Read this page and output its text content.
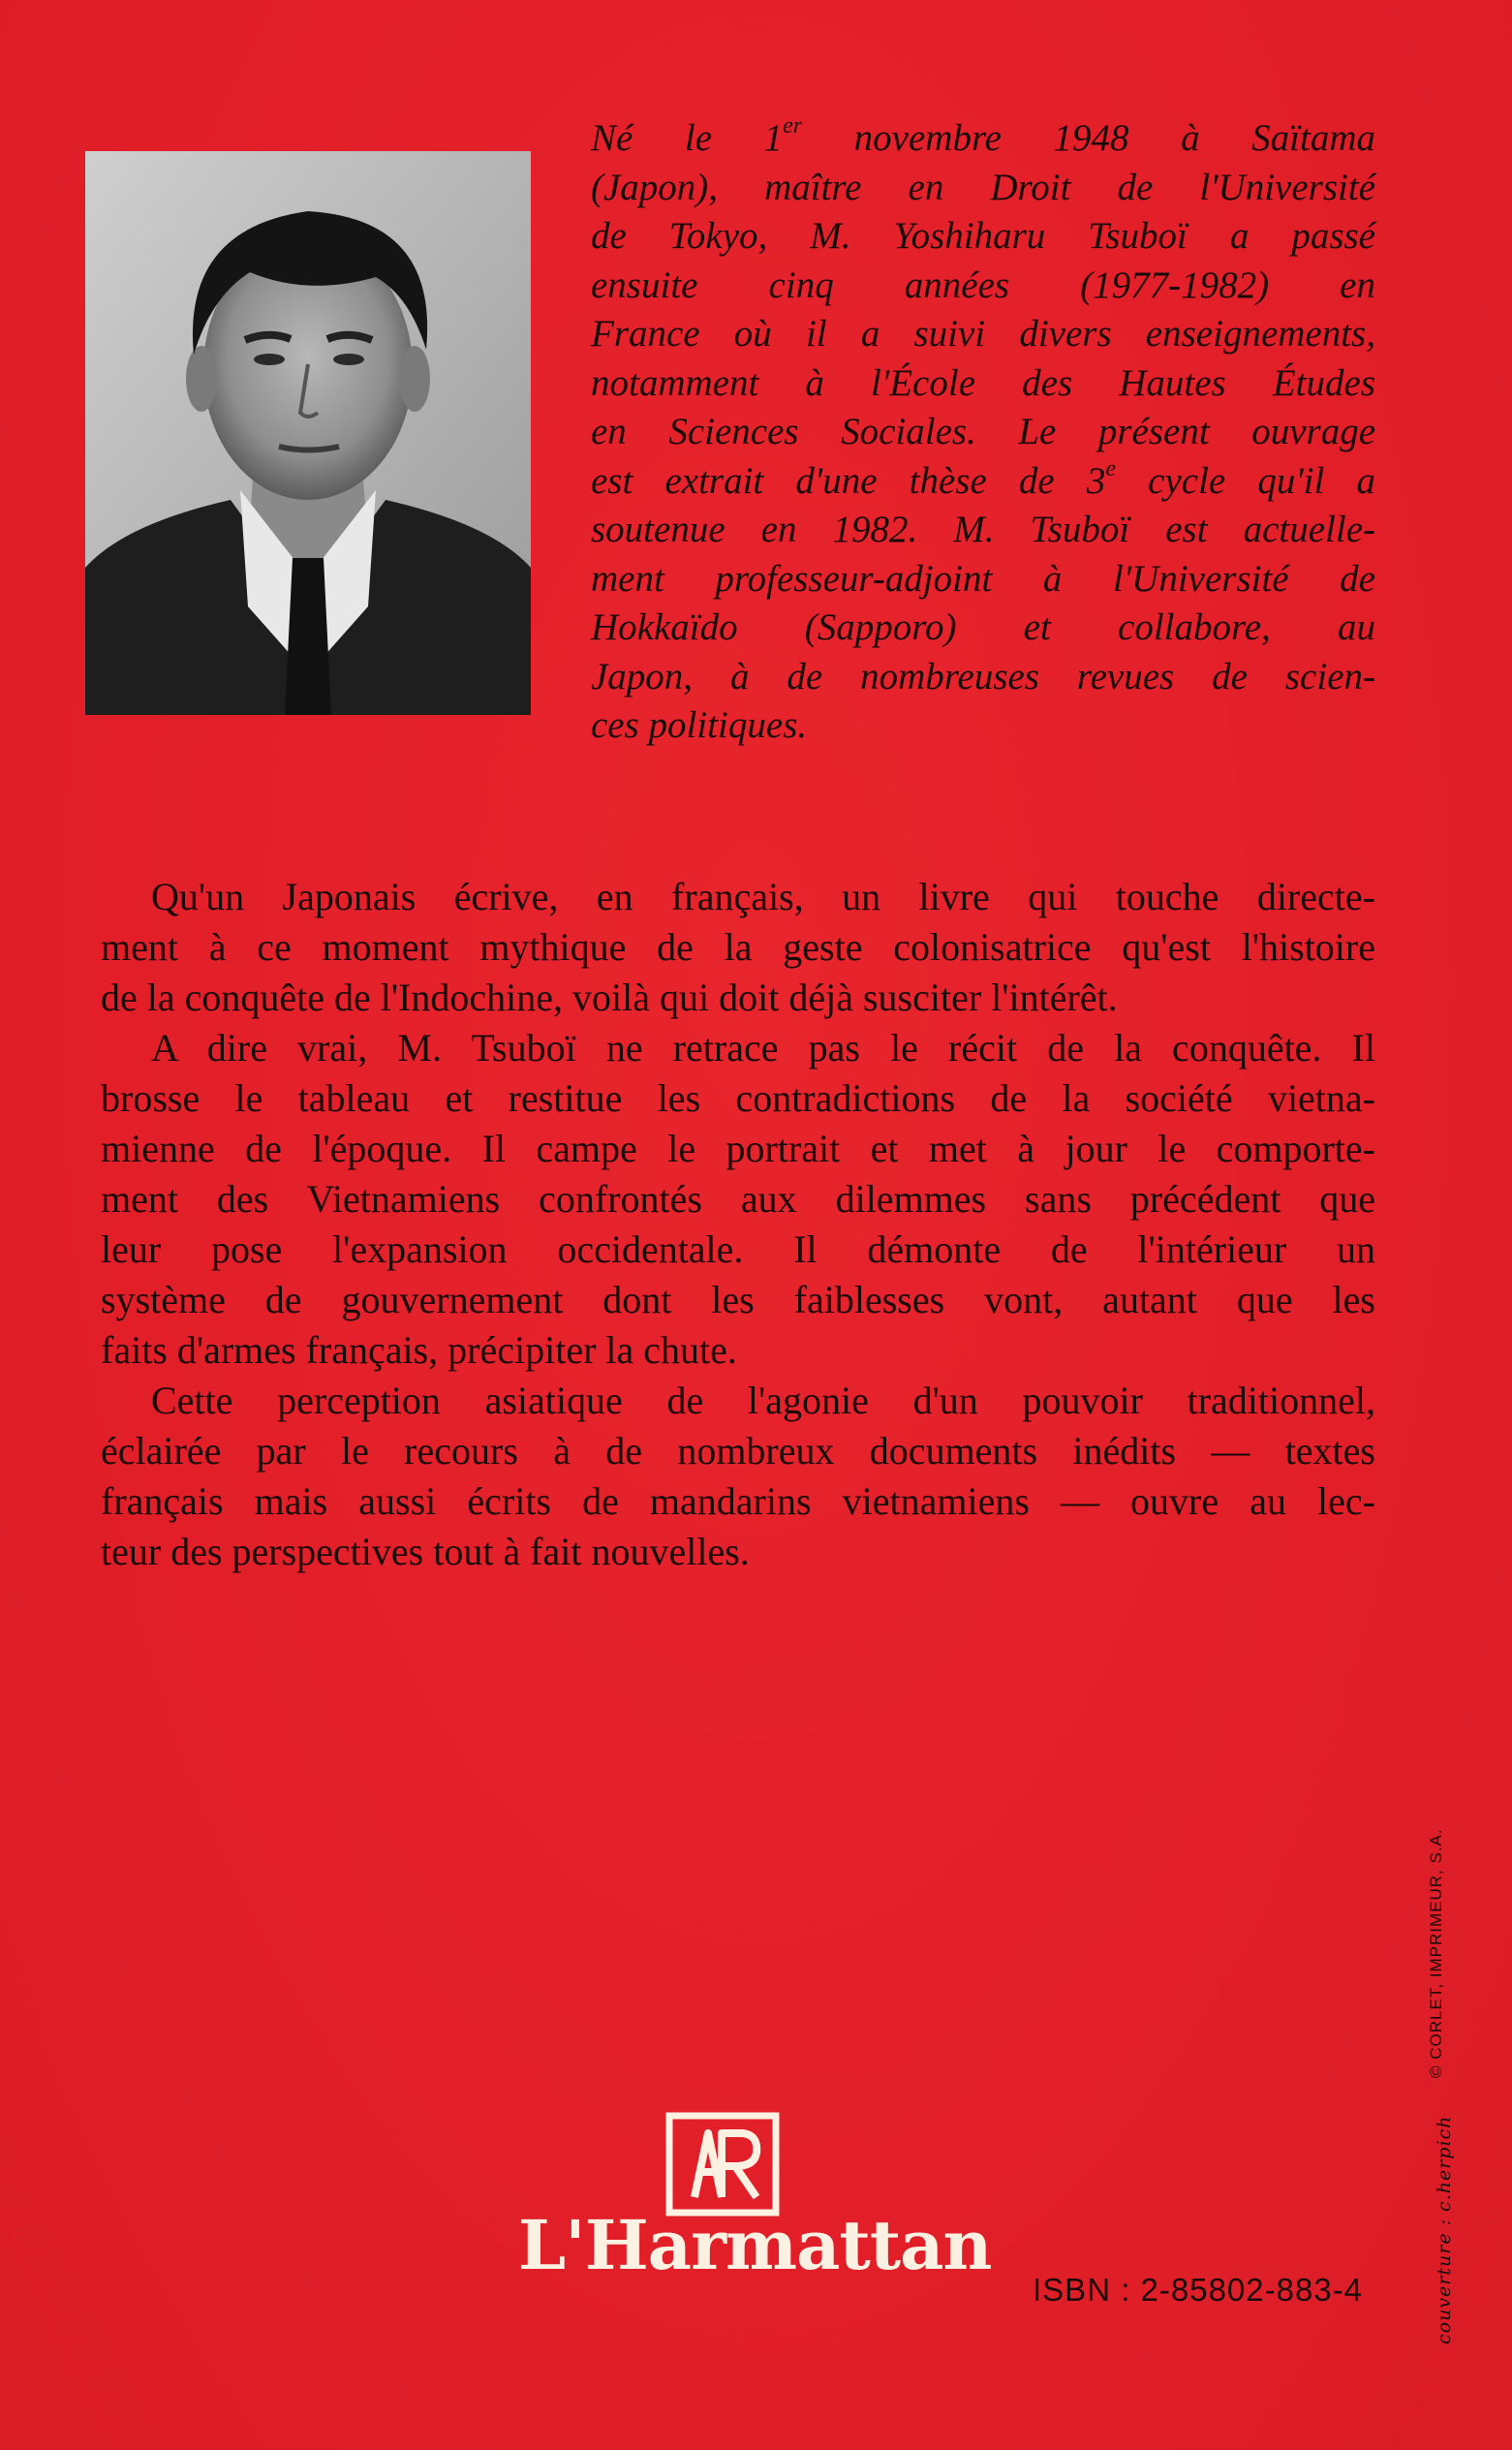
Né le 1er novembre 1948 à Saïtama
(Japon), maître en Droit de l'Université
de Tokyo, M. Yoshiharu Tsuboï a passé
ensuite cinq années (1977-1982) en
France où il a suivi divers enseignements,
notamment à l'École des Hautes Études
en Sciences Sociales. Le présent ouvrage
est extrait d'une thèse de 3e cycle qu'il a
soutenue en 1982. M. Tsuboï est actuelle-
ment professeur-adjoint à l'Université de
Hokkaïdo (Sapporo) et collabore, au
Japon, à de nombreuses revues de scien-
ces politiques.
Qu'un Japonais écrive, en français, un livre qui touche directe-
ment à ce moment mythique de la geste colonisatrice qu'est l'histoire
de la conquête de l'Indochine, voilà qui doit déjà susciter l'intérêt.
A dire vrai, M. Tsuboï ne retrace pas le récit de la conquête. Il
brosse le tableau et restitue les contradictions de la société vietna-
mienne de l'époque. Il campe le portrait et met à jour le comporte-
ment des Vietnamiens confrontés aux dilemmes sans précédent que
leur pose l'expansion occidentale. Il démonte de l'intérieur un
système de gouvernement dont les faiblesses vont, autant que les
faits d'armes français, précipiter la chute.
Cette perception asiatique de l'agonie d'un pouvoir traditionnel,
éclairée par le recours à de nombreux documents inédits — textes
français mais aussi écrits de mandarins vietnamiens — ouvre au lec-
teur des perspectives tout à fait nouvelles.
L'Harmattan
ISBN : 2-85802-883-4
© CORLET, IMPRIMEUR, S.A.
couverture : c.herpich
